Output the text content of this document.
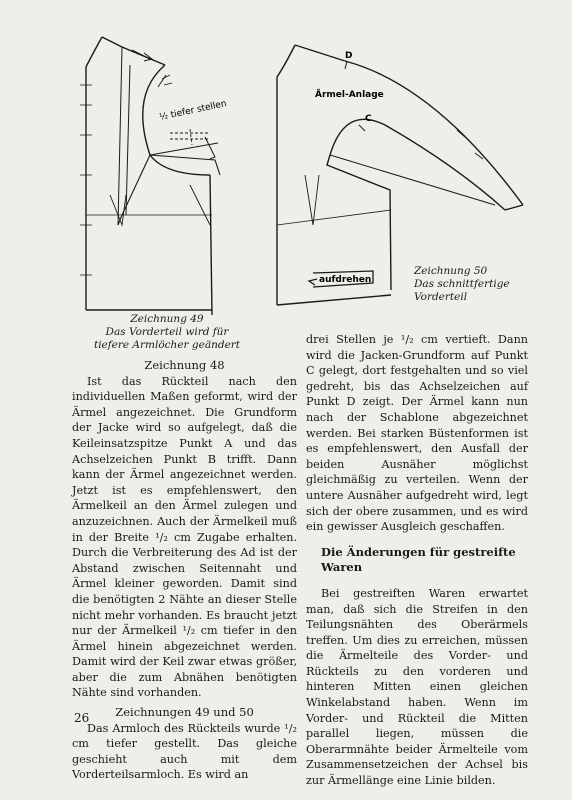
½ tiefer stellen
D
C
Ärmel-Anlage
aufdrehen
Zeichnung 49
Das Vorderteil wird für
tiefere Armlöcher geändert
Zeichnung 50
Das schnittfertige
Vorderteil
Zeichnung 48

Ist das Rückteil nach den individuellen Maßen geformt, wird der Ärmel angezeichnet. Die Grundform der Jacke wird so aufgelegt, daß die Keileinsatzspitze Punkt A und das Achselzeichen Punkt B trifft. Dann kann der Ärmel angezeichnet werden. Jetzt ist es empfehlenswert, den Ärmelkeil an den Ärmel zulegen und anzuzeichnen. Auch der Ärmelkeil muß in der Breite ¹/₂ cm Zugabe erhalten. Durch die Verbreiterung des Ad ist der Abstand zwischen Seitennaht und Ärmel kleiner geworden. Damit sind die benötigten 2 Nähte an dieser Stelle nicht mehr vorhanden. Es braucht jetzt nur der Ärmelkeil ¹/₂ cm tiefer in den Ärmel hinein abgezeichnet werden. Damit wird der Keil zwar etwas größer, aber die zum Abnähen benötigten Nähte sind vorhanden.

Zeichnungen 49 und 50

Das Armloch des Rückteils wurde ¹/₂ cm tiefer gestellt. Das gleiche geschieht auch mit dem Vorderteilsarmloch. Es wird an

drei Stellen je ¹/₂ cm vertieft. Dann wird die Jacken-Grundform auf Punkt C gelegt, dort festgehalten und so viel gedreht, bis das Achselzeichen auf Punkt D zeigt. Der Ärmel kann nun nach der Schablone abgezeichnet werden. Bei starken Büstenformen ist es empfehlenswert, den Ausfall der beiden Ausnäher möglichst gleichmäßig zu verteilen. Wenn der untere Ausnäher aufgedreht wird, legt sich der obere zusammen, und es wird ein gewisser Ausgleich geschaffen.

Die Änderungen für gestreifte Waren

Bei gestreiften Waren erwartet man, daß sich die Streifen in den Teilungsnähten des Oberärmels treffen. Um dies zu erreichen, müssen die Ärmelteile des Vorder- und Rückteils zu den vorderen und hinteren Mitten einen gleichen Winkelabstand haben. Wenn im Vorder- und Rückteil die Mitten parallel liegen, müssen die Oberarmnähte beider Ärmelteile vom Zusammensetzeichen der Achsel bis zur Ärmellänge eine Linie bilden.

26
